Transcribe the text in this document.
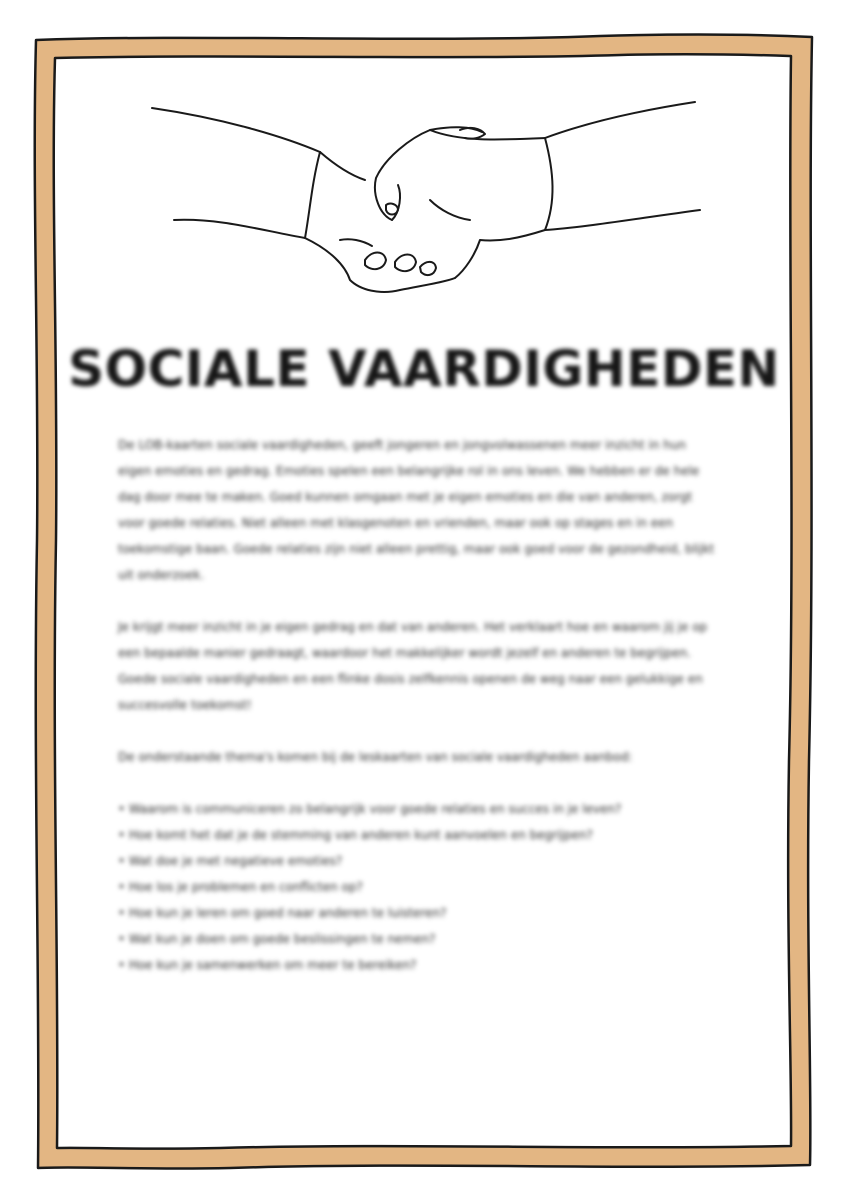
SOCIALE VAARDIGHEDEN

De LOB-kaarten sociale vaardigheden, geeft jongeren en jongvolwassenen meer inzicht in hun eigen emoties en gedrag. Emoties spelen een belangrijke rol in ons leven. We hebben er de hele dag door mee te maken. Goed kunnen omgaan met je eigen emoties en die van anderen, zorgt voor goede relaties. Niet alleen met klasgenoten en vrienden, maar ook op stages en in een toekomstige baan. Goede relaties zijn niet alleen prettig, maar ook goed voor de gezondheid, blijkt uit onderzoek.

Je krijgt meer inzicht in je eigen gedrag en dat van anderen. Het verklaart hoe en waarom jij je op een bepaalde manier gedraagt, waardoor het makkelijker wordt jezelf en anderen te begrijpen. Goede sociale vaardigheden en een flinke dosis zelfkennis openen de weg naar een gelukkige en succesvolle toekomst!

De onderstaande thema's komen bij de leskaarten van sociale vaardigheden aanbod:

• Waarom is communiceren zo belangrijk voor goede relaties en succes in je leven?
• Hoe komt het dat je de stemming van anderen kunt aanvoelen en begrijpen?
• Wat doe je met negatieve emoties?
• Hoe los je problemen en conflicten op?
• Hoe kun je leren om goed naar anderen te luisteren?
• Wat kun je doen om goede beslissingen te nemen?
• Hoe kun je samenwerken om meer te bereiken?
